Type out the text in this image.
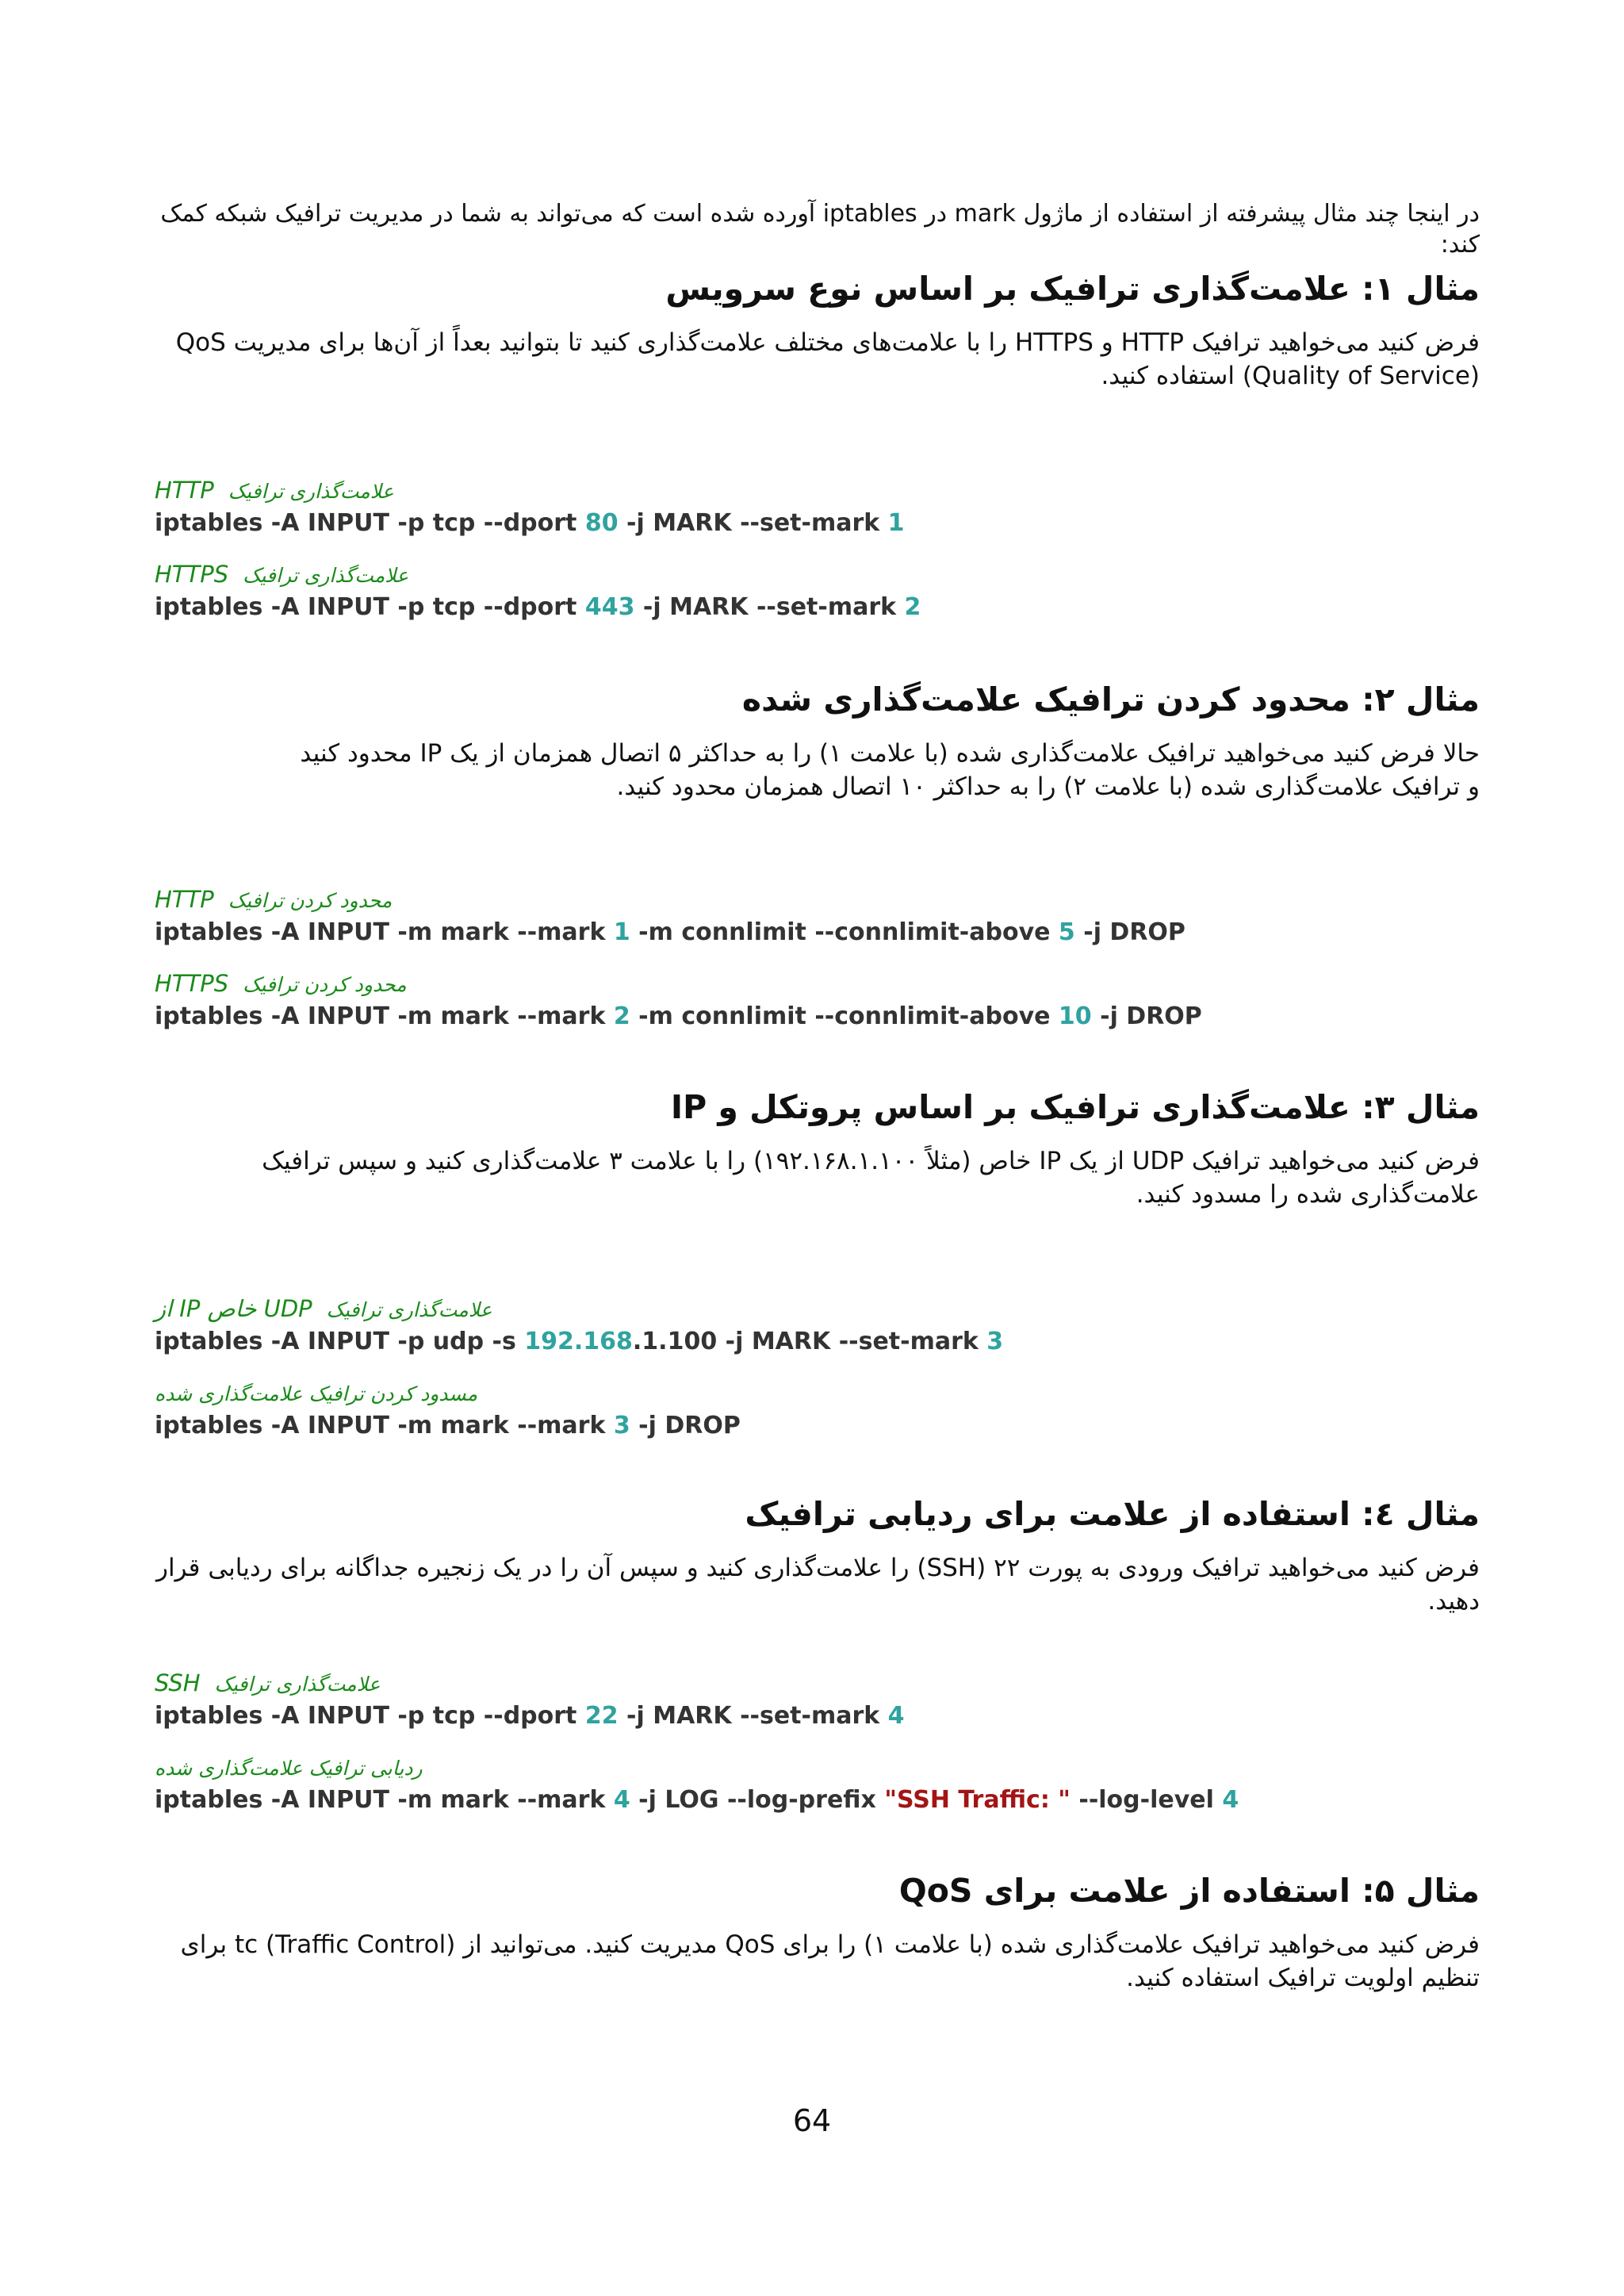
در اینجا چند مثال پیشرفته از استفاده از ماژول mark در iptables آورده شده است که می‌تواند به شما در مدیریت ترافیک شبکه کمک کند:
مثال ۱: علامت‌گذاری ترافیک بر اساس نوع سرویس
فرض کنید می‌خواهید ترافیک HTTP و HTTPS را با علامت‌های مختلف علامت‌گذاری کنید تا بتوانید بعداً از آن‌ها برای مدیریت QoS (Quality of Service) استفاده کنید.
HTTP علامت‌گذاری ترافیک
iptables -A INPUT -p tcp --dport 80 -j MARK --set-mark 1
HTTPS علامت‌گذاری ترافیک
iptables -A INPUT -p tcp --dport 443 -j MARK --set-mark 2
مثال ۲: محدود کردن ترافیک علامت‌گذاری شده
حالا فرض کنید می‌خواهید ترافیک علامت‌گذاری شده (با علامت ۱) را به حداکثر ۵ اتصال همزمان از یک IP محدود کنید و ترافیک علامت‌گذاری شده (با علامت ۲) را به حداکثر ۱۰ اتصال همزمان محدود کنید.
HTTP محدود کردن ترافیک
iptables -A INPUT -m mark --mark 1 -m connlimit --connlimit-above 5 -j DROP
HTTPS محدود کردن ترافیک
iptables -A INPUT -m mark --mark 2 -m connlimit --connlimit-above 10 -j DROP
مثال ۳: علامت‌گذاری ترافیک بر اساس پروتکل و IP
فرض کنید می‌خواهید ترافیک UDP از یک IP خاص (مثلاً ۱۹۲.۱۶۸.۱.۱۰۰) را با علامت ۳ علامت‌گذاری کنید و سپس ترافیک علامت‌گذاری شده را مسدود کنید.
از IP خاص UDP علامت‌گذاری ترافیک
iptables -A INPUT -p udp -s 192.168.1.100 -j MARK --set-mark 3
مسدود کردن ترافیک علامت‌گذاری شده
iptables -A INPUT -m mark --mark 3 -j DROP
مثال ٤: استفاده از علامت برای ردیابی ترافیک
فرض کنید می‌خواهید ترافیک ورودی به پورت ۲۲ (SSH) را علامت‌گذاری کنید و سپس آن را در یک زنجیره جداگانه برای ردیابی قرار دهید.
SSH علامت‌گذاری ترافیک
iptables -A INPUT -p tcp --dport 22 -j MARK --set-mark 4
ردیابی ترافیک علامت‌گذاری شده
iptables -A INPUT -m mark --mark 4 -j LOG --log-prefix "SSH Traffic: " --log-level 4
مثال ۵: استفاده از علامت برای QoS
فرض کنید می‌خواهید ترافیک علامت‌گذاری شده (با علامت ۱) را برای QoS مدیریت کنید. می‌توانید از tc (Traffic Control) برای تنظیم اولویت ترافیک استفاده کنید.
64
